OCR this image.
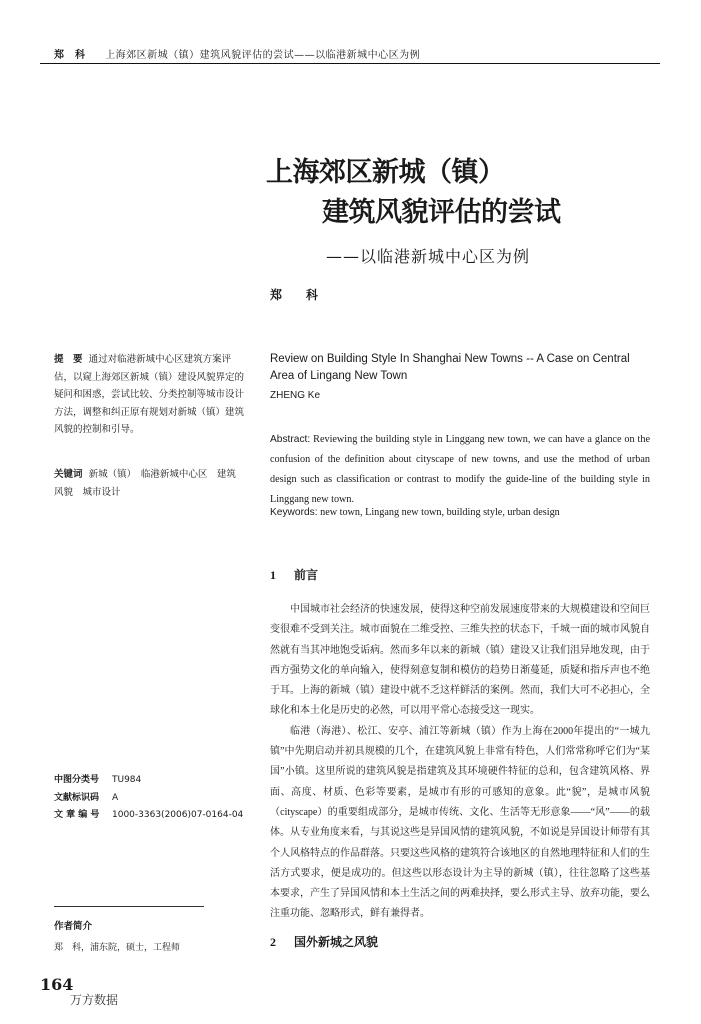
郑　科 上海郊区新城（镇）建筑风貌评估的尝试——以临港新城中心区为例
上海郊区新城（镇）
建筑风貌评估的尝试
——以临港新城中心区为例
郑　科
提　要 通过对临港新城中心区建筑方案评估，以窥上海郊区新城（镇）建设风貌界定的疑问和困惑，尝试比较、分类控制等城市设计方法，调整和纠正原有规划对新城（镇）建筑风貌的控制和引导。
关键词 新城（镇）　临港新城中心区　建筑风貌　城市设计
Review on Building Style In Shanghai New Towns -- A Case on Central Area of Lingang New Town
ZHENG Ke
Abstract: Reviewing the building style in Linggang new town, we can have a glance on the confusion of the definition about cityscape of new towns, and use the method of urban design such as classification or contrast to modify the guide-line of the building style in Linggang new town.
Keywords: new town, Lingang new town, building style, urban design
1 前言

中国城市社会经济的快速发展，使得这种空前发展速度带来的大规模建设和空间巨变很难不受到关注。城市面貌在二维受控、三维失控的状态下，千城一面的城市风貌自然就有当其冲地饱受诟病。然而多年以来的新城（镇）建设又让我们沮异地发现，由于西方强势文化的单向输入，使得刻意复制和模仿的趋势日渐蔓延，质疑和指斥声也不绝于耳。上海的新城（镇）建设中就不乏这样鲜活的案例。然而，我们大可不必担心，全球化和本土化是历史的必然，可以用平常心态接受这一现实。

临港（海港）、松江、安亭、浦江等新城（镇）作为上海在2000年提出的“一城九镇”中先期启动并初具规模的几个，在建筑风貌上非常有特色，人们常常称呼它们为“某国”小镇。这里所说的建筑风貌是指建筑及其环境硬件特征的总和，包含建筑风格、界面、高度、材质、色彩等要素，是城市有形的可感知的意象。此“貌”，是城市风貌（cityscape）的重要组成部分，是城市传统、文化、生活等无形意象——“风”——的载体。从专业角度来看，与其说这些是异国风情的建筑风貌，不如说是异国设计师带有其个人风格特点的作品群落。只要这些风格的建筑符合该地区的自然地理特征和人们的生活方式要求，便是成功的。但这些以形态设计为主导的新城（镇），往往忽略了这些基本要求，产生了异国风情和本土生活之间的两难抉择，要么形式主导、放弃功能，要么注重功能、忽略形式，鲜有兼得者。

2 国外新城之风貌
中图分类号 TU984
文献标识码 A
文 章 编 号 1000-3363(2006)07-0164-04
作者简介
郑　科，浦东院，硕士，工程师
164
万方数据
